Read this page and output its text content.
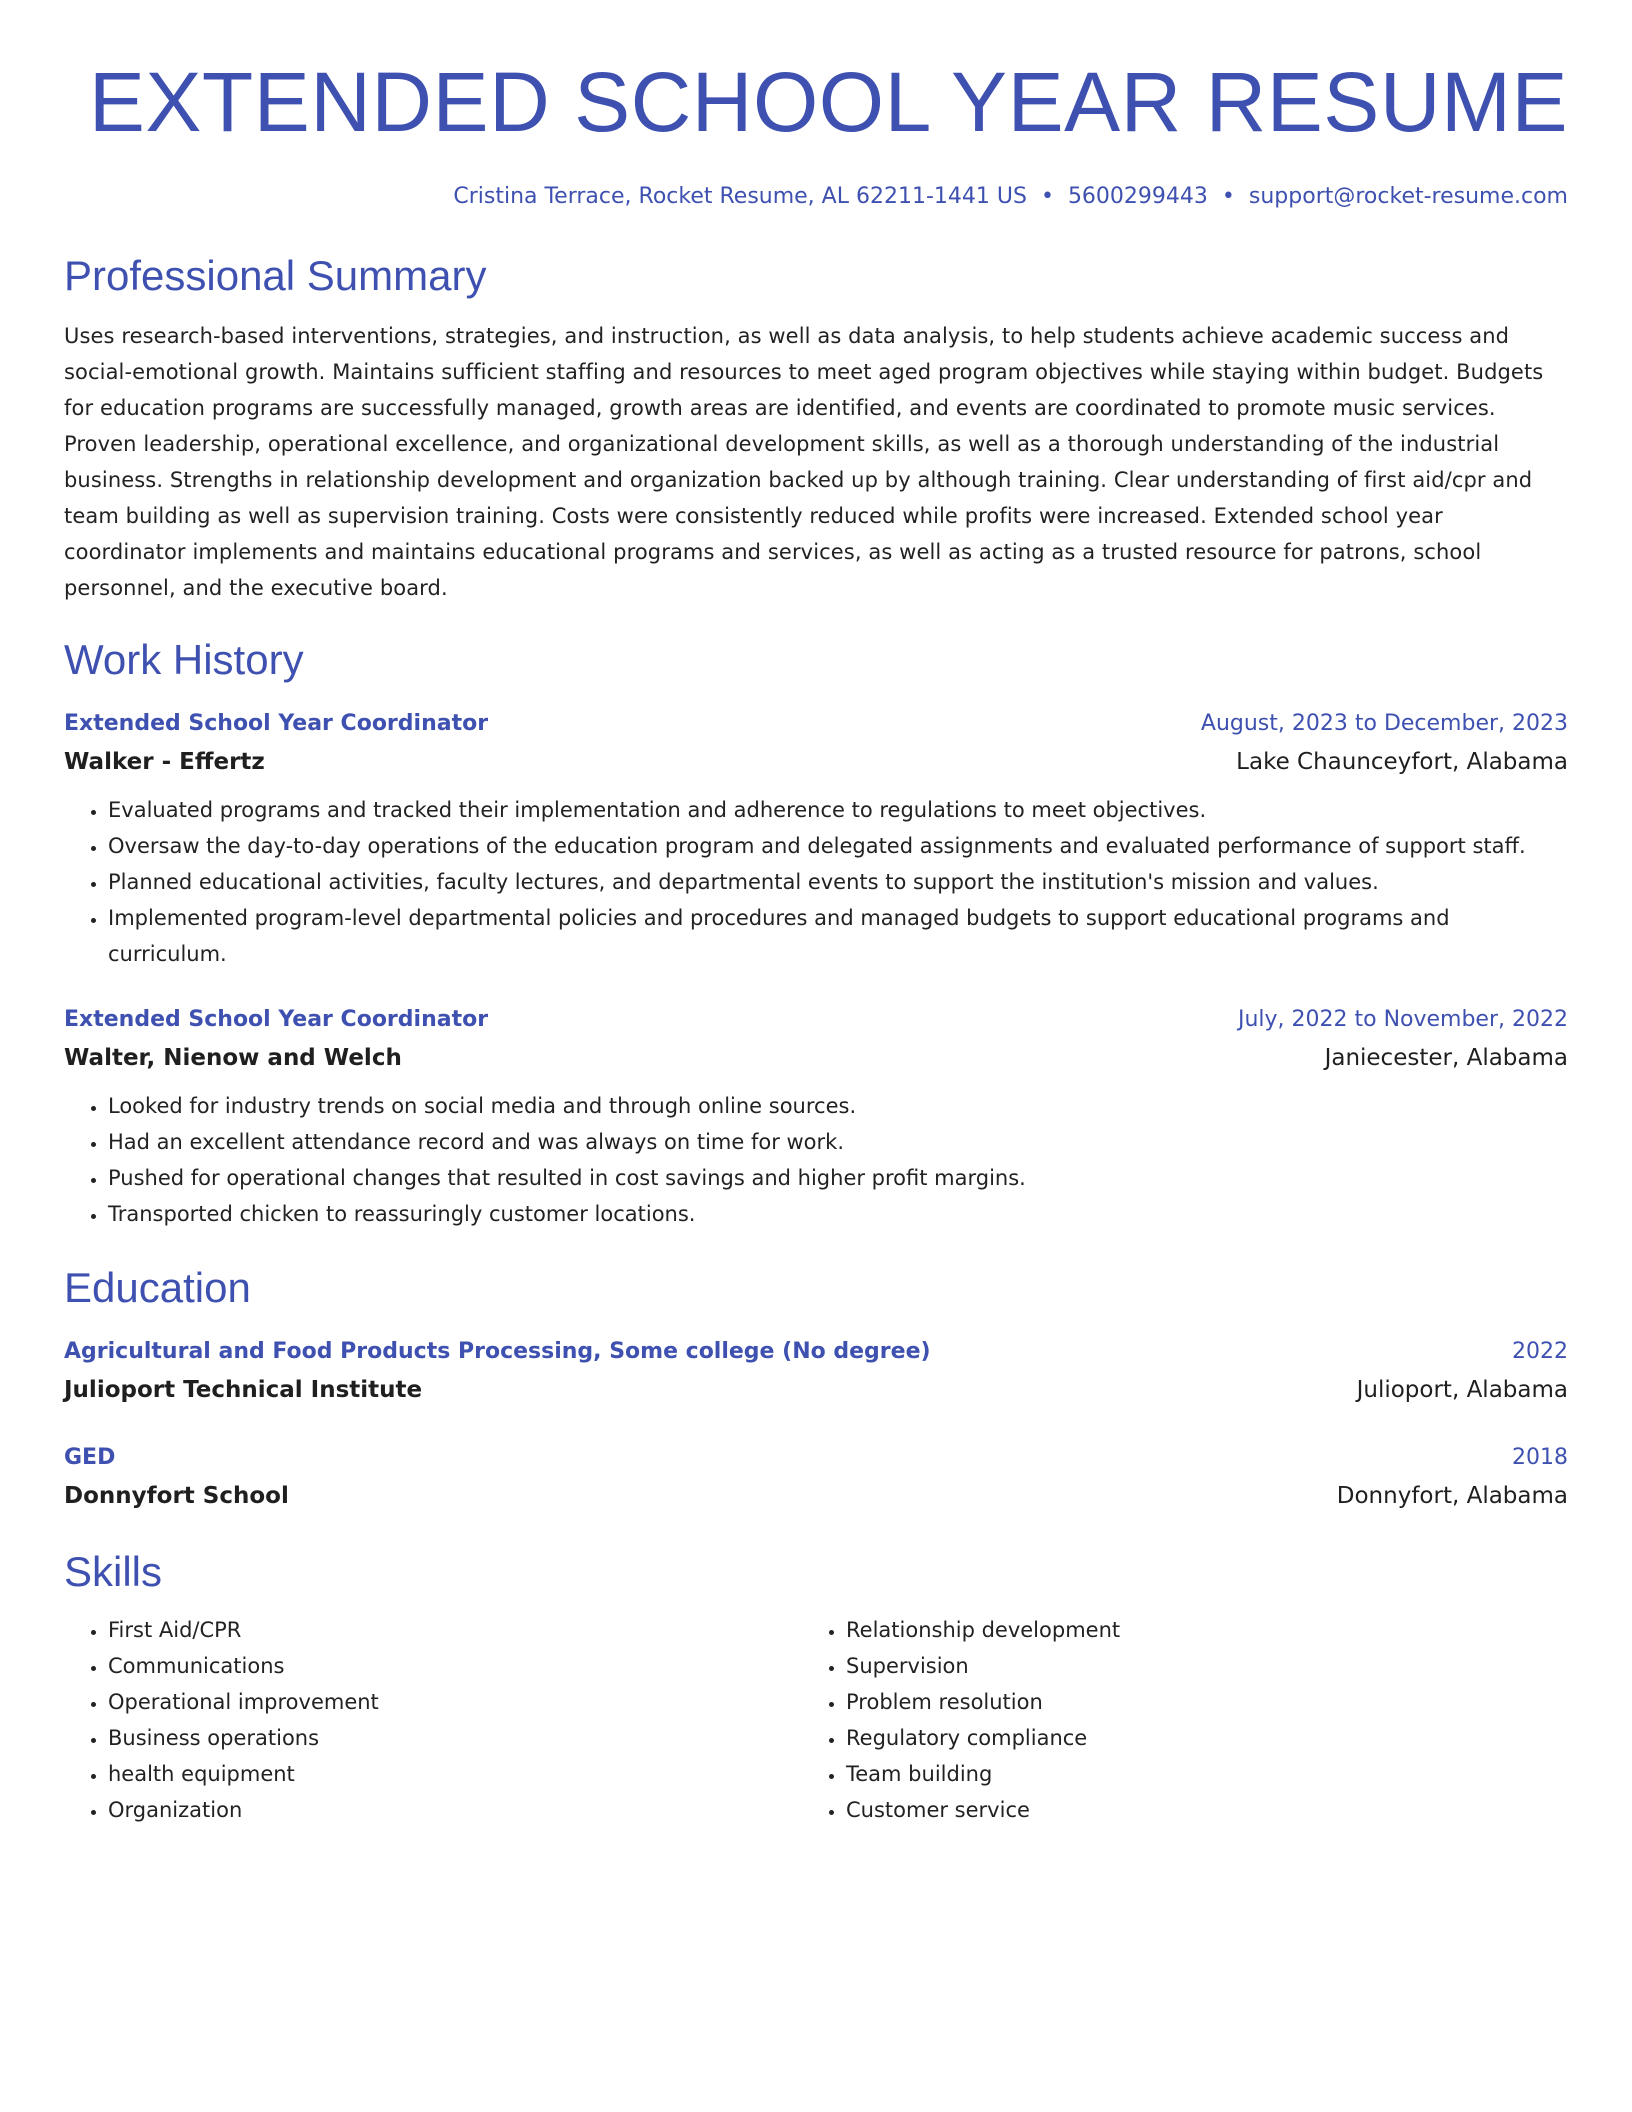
EXTENDED SCHOOL YEAR RESUME
Cristina Terrace, Rocket Resume, AL 62211-1441 US • 5600299443 • support@rocket-resume.com
Professional Summary
Uses research-based interventions, strategies, and instruction, as well as data analysis, to help students achieve academic success and social-emotional growth. Maintains sufficient staffing and resources to meet aged program objectives while staying within budget. Budgets for education programs are successfully managed, growth areas are identified, and events are coordinated to promote music services. Proven leadership, operational excellence, and organizational development skills, as well as a thorough understanding of the industrial business. Strengths in relationship development and organization backed up by although training. Clear understanding of first aid/cpr and team building as well as supervision training. Costs were consistently reduced while profits were increased. Extended school year coordinator implements and maintains educational programs and services, as well as acting as a trusted resource for patrons, school personnel, and the executive board.
Work History
Extended School Year Coordinator	August, 2023 to December, 2023
Walker - Effertz	Lake Chaunceyfort, Alabama
• Evaluated programs and tracked their implementation and adherence to regulations to meet objectives.
• Oversaw the day-to-day operations of the education program and delegated assignments and evaluated performance of support staff.
• Planned educational activities, faculty lectures, and departmental events to support the institution's mission and values.
• Implemented program-level departmental policies and procedures and managed budgets to support educational programs and curriculum.
Extended School Year Coordinator	July, 2022 to November, 2022
Walter, Nienow and Welch	Janiecester, Alabama
• Looked for industry trends on social media and through online sources.
• Had an excellent attendance record and was always on time for work.
• Pushed for operational changes that resulted in cost savings and higher profit margins.
• Transported chicken to reassuringly customer locations.
Education
Agricultural and Food Products Processing, Some college (No degree)	2022
Julioport Technical Institute	Julioport, Alabama
GED	2018
Donnyfort School	Donnyfort, Alabama
Skills
• First Aid/CPR
• Communications
• Operational improvement
• Business operations
• health equipment
• Organization
• Relationship development
• Supervision
• Problem resolution
• Regulatory compliance
• Team building
• Customer service
